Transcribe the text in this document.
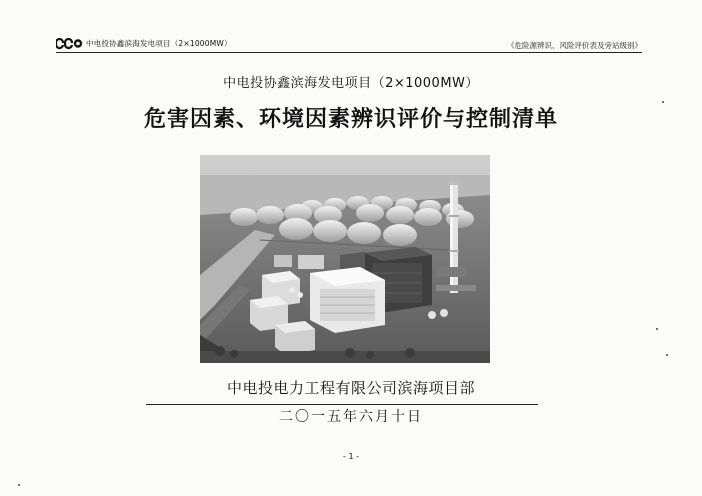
中电投协鑫滨海发电项目（2×1000MW）	《危险源辨识、风险评价表及旁站级别》
中电投协鑫滨海发电项目（2×1000MW）
危害因素、环境因素辨识评价与控制清单
中电投电力工程有限公司滨海项目部
二〇一五年六月十日
- 1 -
